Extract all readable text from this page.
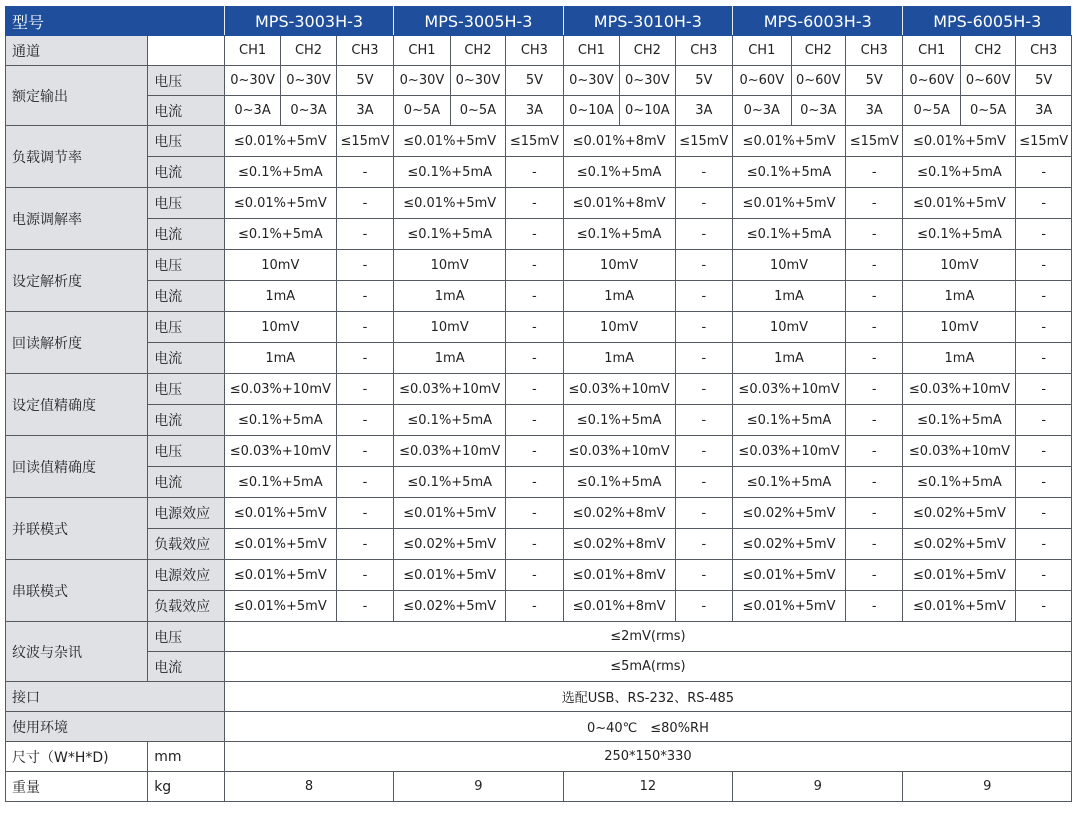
型号		MPS-3003H-3			MPS-3005H-3			MPS-3010H-3			MPS-6003H-3			MPS-6005H-3		
通道		CH1	CH2	CH3	CH1	CH2	CH3	CH1	CH2	CH3	CH1	CH2	CH3	CH1	CH2	CH3
额定输出	电压	0~30V	0~30V	5V	0~30V	0~30V	5V	0~30V	0~30V	5V	0~60V	0~60V	5V	0~60V	0~60V	5V
	电流	0~3A	0~3A	3A	0~5A	0~5A	3A	0~10A	0~10A	3A	0~3A	0~3A	3A	0~5A	0~5A	3A
负载调节率	电压	≤0.01%+5mV		≤15mV	≤0.01%+5mV		≤15mV	≤0.01%+8mV		≤15mV	≤0.01%+5mV		≤15mV	≤0.01%+5mV		≤15mV
	电流	≤0.1%+5mA		-	≤0.1%+5mA		-	≤0.1%+5mA		-	≤0.1%+5mA		-	≤0.1%+5mA		-
电源调解率	电压	≤0.01%+5mV		-	≤0.01%+5mV		-	≤0.01%+8mV		-	≤0.01%+5mV		-	≤0.01%+5mV		-
	电流	≤0.1%+5mA		-	≤0.1%+5mA		-	≤0.1%+5mA		-	≤0.1%+5mA		-	≤0.1%+5mA		-
设定解析度	电压	10mV		-	10mV		-	10mV		-	10mV		-	10mV		-
	电流	1mA		-	1mA		-	1mA		-	1mA		-	1mA		-
回读解析度	电压	10mV		-	10mV		-	10mV		-	10mV		-	10mV		-
	电流	1mA		-	1mA		-	1mA		-	1mA		-	1mA		-
设定值精确度	电压	≤0.03%+10mV		-	≤0.03%+10mV		-	≤0.03%+10mV		-	≤0.03%+10mV		-	≤0.03%+10mV		-
	电流	≤0.1%+5mA		-	≤0.1%+5mA		-	≤0.1%+5mA		-	≤0.1%+5mA		-	≤0.1%+5mA		-
回读值精确度	电压	≤0.03%+10mV		-	≤0.03%+10mV		-	≤0.03%+10mV		-	≤0.03%+10mV		-	≤0.03%+10mV		-
	电流	≤0.1%+5mA		-	≤0.1%+5mA		-	≤0.1%+5mA		-	≤0.1%+5mA		-	≤0.1%+5mA		-
并联模式	电源效应	≤0.01%+5mV		-	≤0.01%+5mV		-	≤0.02%+8mV		-	≤0.02%+5mV		-	≤0.02%+5mV		-
	负载效应	≤0.01%+5mV		-	≤0.02%+5mV		-	≤0.02%+8mV		-	≤0.02%+5mV		-	≤0.02%+5mV		-
串联模式	电源效应	≤0.01%+5mV		-	≤0.01%+5mV		-	≤0.01%+8mV		-	≤0.01%+5mV		-	≤0.01%+5mV		-
	负载效应	≤0.01%+5mV		-	≤0.02%+5mV		-	≤0.01%+8mV		-	≤0.01%+5mV		-	≤0.01%+5mV		-
纹波与杂讯	电压	≤2mV(rms)														
	电流	≤5mA(rms)														
接口		选配USB、RS-232、RS-485														
使用环境		0~40℃　≤80%RH														
尺寸（W*H*D)	mm	250*150*330														
重量	kg	8			9			12			9			9		
